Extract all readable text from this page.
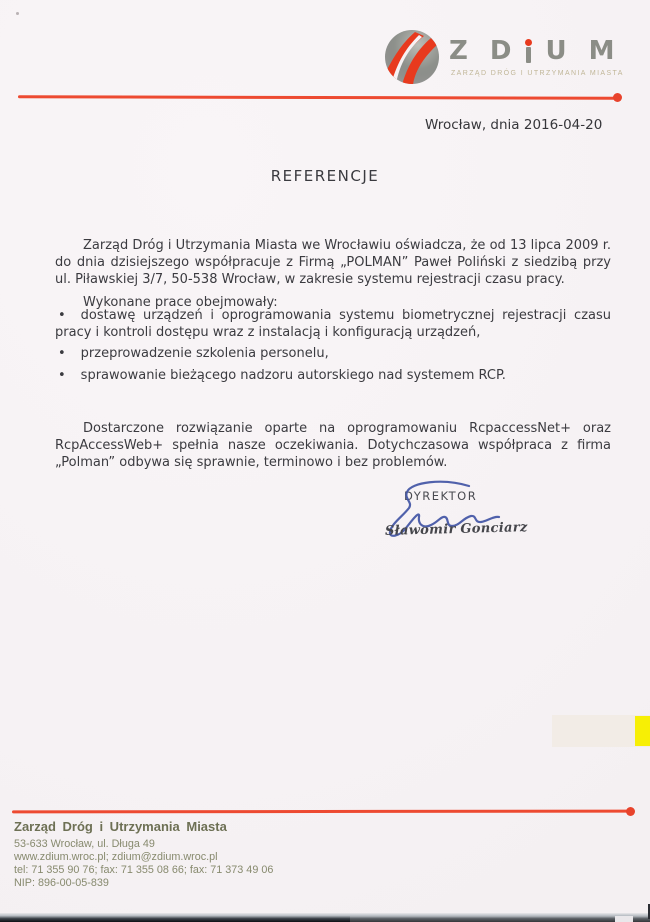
Z D U M
ZARZĄD DRÓG I UTRZYMANIA MIASTA
Wrocław, dnia 2016-04-20
REFERENCJE

Zarząd Dróg i Utrzymania Miasta we Wrocławiu oświadcza, że od 13 lipca 2009 r. do dnia dzisiejszego współpracuje z Firmą „POLMAN” Paweł Poliński z siedzibą przy ul. Piławskiej 3/7, 50-538 Wrocław, w zakresie systemu rejestracji czasu pracy.

Wykonane prace obejmowały:

• dostawę urządzeń i oprogramowania systemu biometrycznej rejestracji czasu pracy i kontroli dostępu wraz z instalacją i konfiguracją urządzeń,
• przeprowadzenie szkolenia personelu,
• sprawowanie bieżącego nadzoru autorskiego nad systemem RCP.

Dostarczone rozwiązanie oparte na oprogramowaniu RcpaccessNet+ oraz RcpAccessWeb+ spełnia nasze oczekiwania. Dotychczasowa współpraca z firma „Polman” odbywa się sprawnie, terminowo i bez problemów.

DYREKTOR
Sławomir Gonciarz
Zarząd Dróg i Utrzymania Miasta
53-633 Wrocław, ul. Długa 49
www.zdium.wroc.pl; zdium@zdium.wroc.pl
tel: 71 355 90 76; fax: 71 355 08 66; fax: 71 373 49 06
NIP: 896-00-05-839
